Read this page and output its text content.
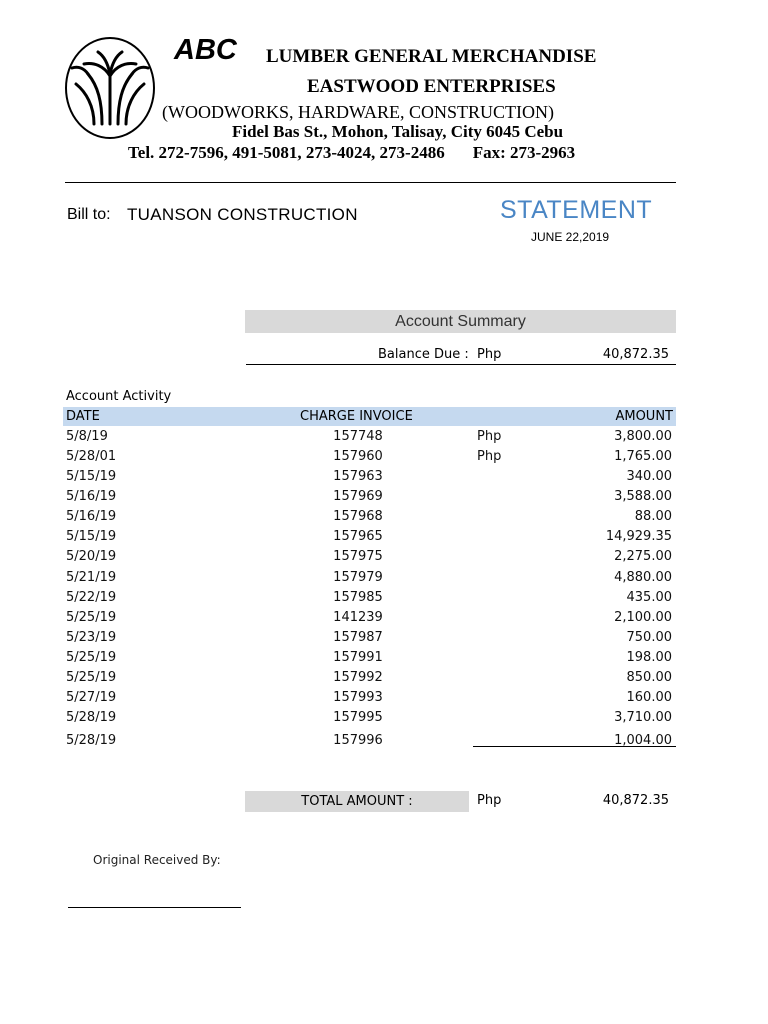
ABC LUMBER GENERAL MERCHANDISE
EASTWOOD ENTERPRISES
(WOODWORKS, HARDWARE, CONSTRUCTION)
Fidel Bas St., Mohon, Talisay, City 6045 Cebu
Tel. 272-7596, 491-5081, 273-4024, 273-2486 Fax: 273-2963
Bill to: TUANSON CONSTRUCTION	STATEMENT
JUNE 22,2019
Account Summary
Balance Due : Php	40,872.35
Account Activity
DATE	CHARGE INVOICE	AMOUNT
5/8/19	157748	Php	3,800.00
5/28/01	157960	Php	1,765.00
5/15/19	157963	340.00
5/16/19	157969	3,588.00
5/16/19	157968	88.00
5/15/19	157965	14,929.35
5/20/19	157975	2,275.00
5/21/19	157979	4,880.00
5/22/19	157985	435.00
5/25/19	141239	2,100.00
5/23/19	157987	750.00
5/25/19	157991	198.00
5/25/19	157992	850.00
5/27/19	157993	160.00
5/28/19	157995	3,710.00
5/28/19	157996	1,004.00
TOTAL AMOUNT :	Php	40,872.35
Original Received By:
